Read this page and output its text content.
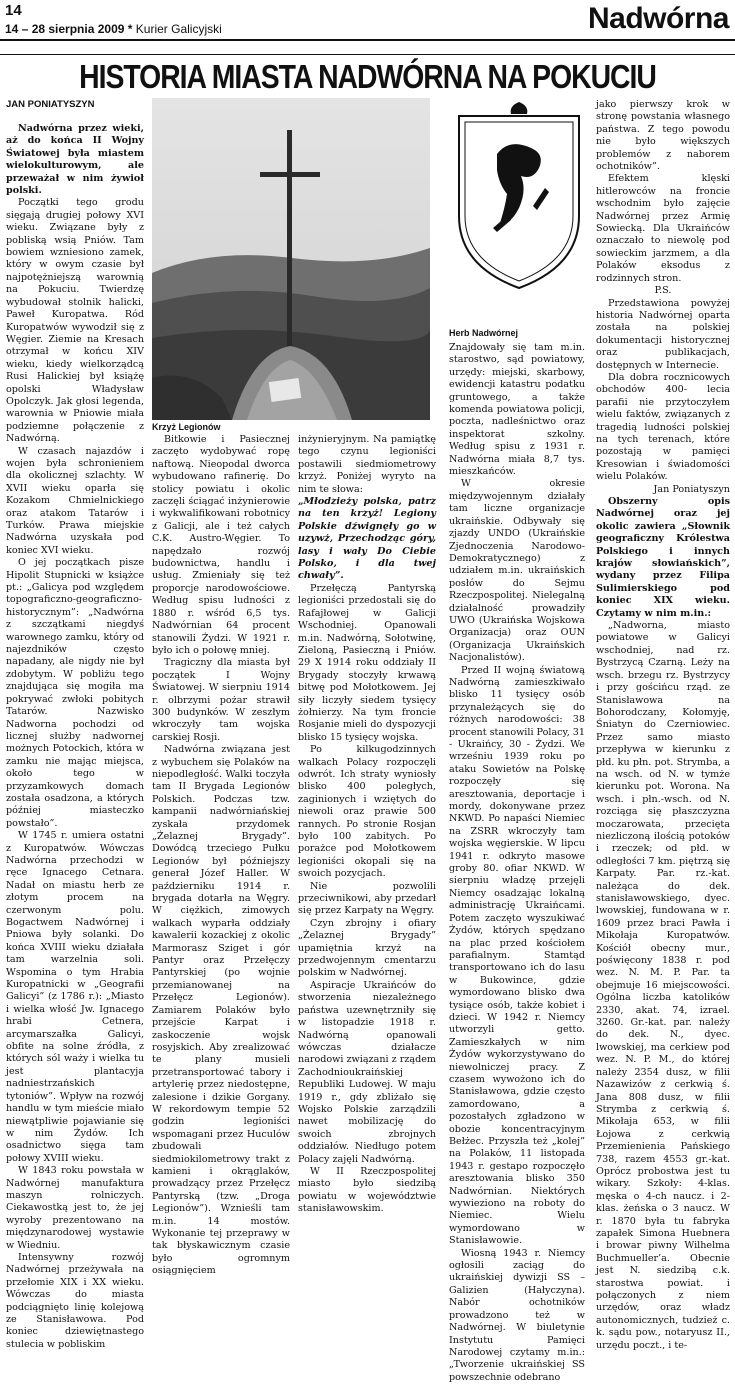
14
14 – 28 sierpnia 2009 * Kurier Galicyjski	Nadwórna
HISTORIA MIASTA NADWÓRNA NA POKUCIU
JAN PONIATYSZYN
Krzyż Legionów
Herb Nadwórnej

Nadwórna przez wieki, aż do końca II Wojny Światowej była miastem wielokulturowym, ale przeważał w nim żywioł polski.

Początki tego grodu sięgają drugiej połowy XVI wieku. Związane były z pobliską wsią Pniów. Tam bowiem wzniesiono zamek, który w owym czasie był najpotężniejszą warownią na Pokuciu. Twierdzę wybudował stolnik halicki, Paweł Kuropatwa. Ród Kuropatwów wywodził się z Węgier. Ziemie na Kresach otrzymał w końcu XIV wieku, kiedy wielkorządcą Rusi Halickiej był książę opolski Władysław Opolczyk. Jak głosi legenda, warownia w Pniowie miała podziemne połączenie z Nadwórną.

W czasach najazdów i wojen była schronieniem dla okolicznej szlachty. W XVII wieku oparła się Kozakom Chmielnickiego oraz atakom Tatarów i Turków. Prawa miejskie Nadwórna uzyskała pod koniec XVI wieku.

O jej początkach pisze Hipolit Stupnicki w książce pt.: „Galicya pod względem topograficzno-geograficzno-historycznym”: „Nadwórna z szczątkami niegdyś warownego zamku, który od najezdników często napadany, ale nigdy nie był zdobytym. W pobliżu tego znajdująca się mogiła ma pokrywać zwłoki pobitych Tatarów. Nazwisko Nadworna pochodzi od licznej służby nadwornej możnych Potockich, która w zamku nie mając miejsca, około tego w przyzamkowych domach została osadzona, a których później miasteczko powstało”.

W 1745 r. umiera ostatni z Kuropatwów. Wówczas Nadwórna przechodzi w ręce Ignacego Cetnara. Nadał on miastu herb ze złotym procem na czerwonym polu. Bogactwem Nadwórnej i Pniowa były solanki. Do końca XVIII wieku działała tam warzelnia soli. Wspomina o tym Hrabia Kuropatnicki w „Geografii Galicyi” (z 1786 r.): „Miasto i wielka włość Jw. Ignacego hrabi Cetnera, arcymarszałka Galicyi, obfite na solne źródła, z których sól waży i wielka tu jest plantacyja nadniestrzańskich tytoniów”. Wpływ na rozwój handlu w tym mieście miało niewątpliwie pojawianie się w nim Żydów. Ich osadnictwo sięga tam połowy XVIII wieku.

W 1843 roku powstała w Nadwórnej manufaktura maszyn rolniczych. Ciekawostką jest to, że jej wyroby prezentowano na międzynarodowej wystawie w Wiedniu.

Intensywny rozwój Nadwórnej przeżywała na przełomie XIX i XX wieku. Wówczas do miasta podciągnięto linię kolejową ze Stanisławowa. Pod koniec dziewiętnastego stulecia w pobliskim

Bitkowie i Pasiecznej zaczęto wydobywać ropę naftową. Nieopodal dworca wybudowano rafinerię. Do stolicy powiatu i okolic zaczęli ściągać inżynierowie i wykwalifikowani robotnicy z Galicji, ale i też całych C.K. Austro-Węgier. To napędzało rozwój budownictwa, handlu i usług. Zmieniały się też proporcje narodowościowe. Według spisu ludności z 1880 r. wśród 6,5 tys. Nadwórnian 64 procent stanowili Żydzi. W 1921 r. było ich o połowę mniej.

Tragiczny dla miasta był początek I Wojny Światowej. W sierpniu 1914 r. olbrzymi pożar strawił 300 budynków. W zeszłym wkroczyły tam wojska carskiej Rosji.

Nadwórna związana jest z wybuchem się Polaków na niepodległość. Walki toczyła tam II Brygada Legionów Polskich. Podczas tzw. kampanii nadwórniańskiej zyskała przydomek „Żelaznej Brygady”. Dowódcą trzeciego Pułku Legionów był późniejszy generał Józef Haller. W październiku 1914 r. brygada dotarła na Węgry. W ciężkich, zimowych walkach wyparła oddziały kawalerii kozackiej z okolic Marmorasz Sziget i gór Pantyr oraz Przełęczy Pantyrskiej (po wojnie przemianowanej na Przełęcz Legionów). Zamiarem Polaków było przejście Karpat i zaskoczenie wojsk rosyjskich. Aby zrealizować te plany musieli przetransportować tabory i artylerię przez niedostępne, zalesione i dzikie Gorgany. W rekordowym tempie 52 godzin legioniści wspomagani przez Huculów zbudowali siedmiokilometrowy trakt z kamieni i okrąglaków, prowadzący przez Przełęcz Pantyrską (tzw. „Droga Legionów”). Wznieśli tam m.in. 14 mostów. Wykonanie tej przeprawy w tak błyskawicznym czasie było ogromnym osiągnięciem

inżynieryjnym. Na pamiątkę tego czynu legioniści postawili siedmiometrowy krzyż. Poniżej wyryto na nim te słowa:

„Młodzieży polska, patrz na ten krzyż! Legiony Polskie dźwignęły go w uzywż, Przechodząc góry, lasy i wały Do Ciebie Polsko, i dla twej chwały”.

Przełęczą Pantyrską legioniści przedostali się do Rafajłowej w Galicji Wschodniej. Opanowali m.in. Nadwórną, Sołotwinę, Zieloną, Pasieczną i Pniów. 29 X 1914 roku oddziały II Brygady stoczyły krwawą bitwę pod Mołotkowem. Jej siły liczyły siedem tysięcy żołnierzy. Na tym froncie Rosjanie mieli do dyspozycji blisko 15 tysięcy wojska.

Po kilkugodzinnych walkach Polacy rozpoczęli odwrót. Ich straty wyniosły blisko 400 poległych, zaginionych i wziętych do niewoli oraz prawie 500 rannych. Po stronie Rosjan było 100 zabitych. Po porażce pod Mołotkowem legioniści okopali się na swoich pozycjach.

Nie pozwolili przeciwnikowi, aby przedarł się przez Karpaty na Węgry.

Czyn zbrojny i ofiary „Żelaznej Brygady” upamiętnia krzyż na przedwojennym cmentarzu polskim w Nadwórnej.

Aspiracje Ukraińców do stworzenia niezależnego państwa uzewnętrzniły się w listopadzie 1918 r. Nadwórną opanowali wówczas działacze narodowi związani z rządem Zachodnioukraińskiej Republiki Ludowej. W maju 1919 r., gdy zbliżało się Wojsko Polskie zarządzili nawet mobilizację do swoich zbrojnych oddziałów. Niedługo potem Polacy zajęli Nadwórną.

W II Rzeczpospolitej miasto było siedzibą powiatu w województwie stanisławowskim.

Znajdowały się tam m.in. starostwo, sąd powiatowy, urzędy: miejski, skarbowy, ewidencji katastru podatku gruntowego, a także komenda powiatowa policji, poczta, nadleśnictwo oraz inspektorat szkolny. Według spisu z 1931 r. Nadwórna miała 8,7 tys. mieszkańców.

W okresie międzywojennym działały tam liczne organizacje ukraińskie. Odbywały się zjazdy UNDO (Ukraińskie Zjednoczenia Narodowo-Demokratycznego) z udziałem m.in. ukraińskich posłów do Sejmu Rzeczpospolitej. Nielegalną działalność prowadziły UWO (Ukraińska Wojskowa Organizacja) oraz OUN (Organizacja Ukraińskich Nacjonalistów).

Przed II wojną światową Nadwórną zamieszkiwało blisko 11 tysięcy osób przynależących się do różnych narodowości: 38 procent stanowili Polacy, 31 - Ukraińcy, 30 - Żydzi. We wrześniu 1939 roku po ataku Sowietów na Polskę rozpoczęły się aresztowania, deportacje i mordy, dokonywane przez NKWD. Po napaści Niemiec na ZSRR wkroczyły tam wojska węgierskie. W lipcu 1941 r. odkryto masowe groby 80. ofiar NKWD. W sierpniu władzę przejęli Niemcy osadzając lokalną administrację Ukraińcami. Potem zaczęto wyszukiwać Żydów, których spędzano na plac przed kościołem parafialnym. Stamtąd transportowano ich do lasu w Bukowince, gdzie wymordowano blisko dwa tysiące osób, także kobiet i dzieci. W 1942 r. Niemcy utworzyli getto. Zamieszkałych w nim Żydów wykorzystywano do niewolniczej pracy. Z czasem wywożono ich do Stanisławowa, gdzie często zamordowano, a pozostałych zgładzono w obozie koncentracyjnym Bełżec. Przyszła też „kolej” na Polaków, 11 listopada 1943 r. gestapo rozpoczęło aresztowania blisko 350 Nadwórnian. Niektórych wywieziono na roboty do Niemiec. Wielu wymordowano w Stanisławowie.

Wiosną 1943 r. Niemcy ogłosili zaciąg do ukraińskiej dywizji SS – Galizien (Hałyczyna). Nabór ochotników prowadzono też w Nadwórnej. W biuletynie Instytutu Pamięci Narodowej czytamy m.in.: „Tworzenie ukraińskiej SS powszechnie odebrano

jako pierwszy krok w stronę powstania własnego państwa. Z tego powodu nie było większych problemów z naborem ochotników”.

Efektem klęski hitlerowców na froncie wschodnim było zajęcie Nadwórnej przez Armię Sowiecką. Dla Ukraińców oznaczało to niewolę pod sowieckim jarzmem, a dla Polaków eksodus z rodzinnych stron.

P.S.

Przedstawiona powyżej historia Nadwórnej oparta została na polskiej dokumentacji historycznej oraz publikacjach, dostępnych w Internecie.

Dla dobra rocznicowych obchodów 400- lecia parafii nie przytoczyłem wielu faktów, związanych z tragedią ludności polskiej na tych terenach, które pozostają w pamięci Kresowian i świadomości wielu Polaków.

Jan Poniatyszyn

Obszerny opis Nadwórnej oraz jej okolic zawiera „Słownik geograficzny Królestwa Polskiego i innych krajów słowiańskich”, wydany przez Filipa Sulimierskiego pod koniec XIX wieku. Czytamy w nim m.in.:

„Nadworna, miasto powiatowe w Galicyi wschodniej, nad rz. Bystrzycą Czarną. Leży na wsch. brzegu rz. Bystrzycy i przy gościńcu rząd. ze Stanisławowa na Bohorodczany, Kołomyję, Śniatyn do Czerniowiec. Przez samo miasto przepływa w kierunku z płd. ku płn. pot. Strymba, a na wsch. od N. w tymże kierunku pot. Worona. Na wsch. i płn.-wsch. od N. rozciąga się płaszczyzna moczarowata, przecięta niezliczoną ilością potoków i rzeczek; od płd. w odległości 7 km. piętrzą się Karpaty. Par. rz.-kat. należąca do dek. stanisławowskiego, dyec. lwowskiej, fundowana w r. 1609 przez braci Pawła i Mikołaja Kuropatwów. Kościół obecny mur., poświęcony 1838 r. pod wez. N. M. P. Par. ta obejmuje 16 miejscowości. Ogólna liczba katolików 2330, akat. 74, izrael. 3260. Gr.-kat. par. należy do dek. N., dyec. lwowskiej, ma cerkiew pod wez. N. P. M., do której należy 2354 dusz, w filii Nazawizów z cerkwią ś. Jana 808 dusz, w filii Strymba z cerkwią ś. Mikołaja 653, w filii Łojowa z cerkwią Przemienienia Pańskiego 738, razem 4553 gr.-kat. Oprócz probostwa jest tu wikary. Szkoły: 4-klas. męska o 4-ch naucz. i 2-klas. żeńska o 3 naucz. W r. 1870 była tu fabryka zapałek Simona Huebnera i browar piwny Wilhelma Buchmueller’a. Obecnie jest N. siedzibą c.k. starostwa powiat. i połączonych z niem urzędów, oraz władz autonomicznych, tudzież c. k. sądu pow., notaryusz II., urzędu poczt., i te-
